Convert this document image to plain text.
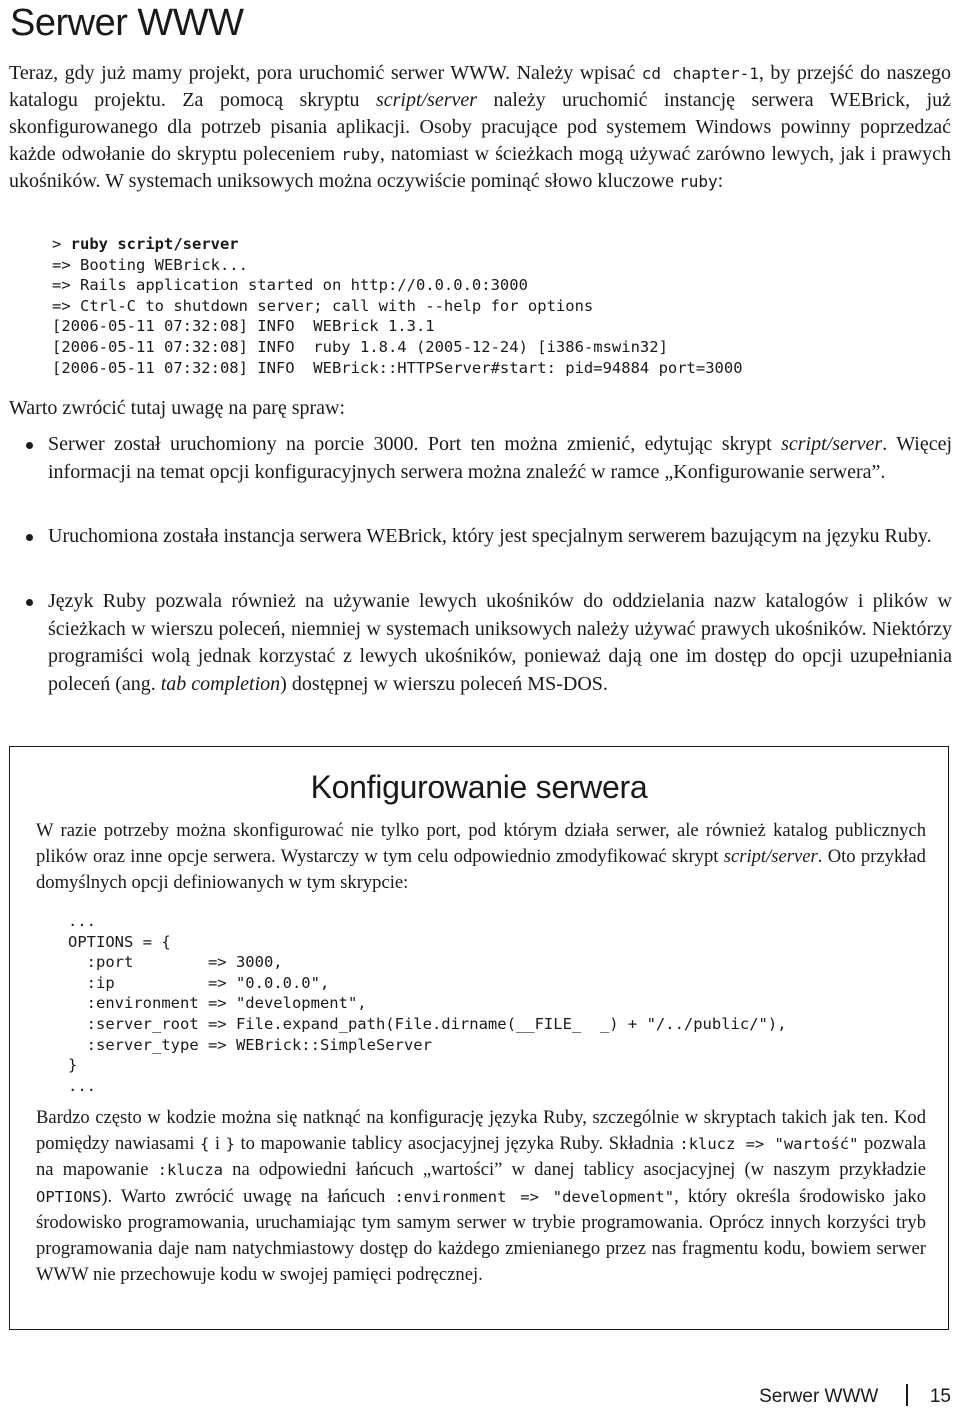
Serwer WWW

Teraz, gdy już mamy projekt, pora uruchomić serwer WWW. Należy wpisać cd chapter-1, by przejść do naszego katalogu projektu. Za pomocą skryptu script/server należy uruchomić instancję serwera WEBrick, już skonfigurowanego dla potrzeb pisania aplikacji. Osoby pracujące pod systemem Windows powinny poprzedzać każde odwołanie do skryptu poleceniem ruby, natomiast w ścieżkach mogą używać zarówno lewych, jak i prawych ukośników. W systemach uniksowych można oczywiście pominąć słowo kluczowe ruby:

> ruby script/server
=> Booting WEBrick...
=> Rails application started on http://0.0.0.0:3000
=> Ctrl-C to shutdown server; call with --help for options
[2006-05-11 07:32:08] INFO  WEBrick 1.3.1
[2006-05-11 07:32:08] INFO  ruby 1.8.4 (2005-12-24) [i386-mswin32]
[2006-05-11 07:32:08] INFO  WEBrick::HTTPServer#start: pid=94884 port=3000

Warto zwrócić tutaj uwagę na parę spraw:

Serwer został uruchomiony na porcie 3000. Port ten można zmienić, edytując skrypt script/server. Więcej informacji na temat opcji konfiguracyjnych serwera można znaleźć w ramce „Konfigurowanie serwera”.
Uruchomiona została instancja serwera WEBrick, który jest specjalnym serwerem bazującym na języku Ruby.
Język Ruby pozwala również na używanie lewych ukośników do oddzielania nazw katalogów i plików w ścieżkach w wierszu poleceń, niemniej w systemach uniksowych należy używać prawych ukośników. Niektórzy programiści wolą jednak korzystać z lewych ukośników, ponieważ dają one im dostęp do opcji uzupełniania poleceń (ang. tab completion) dostępnej w wierszu poleceń MS-DOS.
Konfigurowanie serwera

W razie potrzeby można skonfigurować nie tylko port, pod którym działa serwer, ale również katalog publicznych plików oraz inne opcje serwera. Wystarczy w tym celu odpowiednio zmodyfikować skrypt script/server. Oto przykład domyślnych opcji definiowanych w tym skrypcie:

...
OPTIONS = {
:port        => 3000,
:ip          => "0.0.0.0",
:environment => "development",
:server_root => File.expand_path(File.dirname(__FILE_  _) + "/../public/"),
:server_type => WEBrick::SimpleServer
}
...

Bardzo często w kodzie można się natknąć na konfigurację języka Ruby, szczególnie w skryptach takich jak ten. Kod pomiędzy nawiasami { i } to mapowanie tablicy asocjacyjnej języka Ruby. Składnia :klucz => "wartość" pozwala na mapowanie :klucza na odpowiedni łańcuch „wartości” w danej tablicy asocjacyjnej (w naszym przykładzie OPTIONS). Warto zwrócić uwagę na łańcuch :environment => "development", który określa środowisko jako środowisko programowania, uruchamiając tym samym serwer w trybie programowania. Oprócz innych korzyści tryb programowania daje nam natychmiastowy dostęp do każdego zmienianego przez nas fragmentu kodu, bowiem serwer WWW nie przechowuje kodu w swojej pamięci podręcznej.

Serwer WWW	15
